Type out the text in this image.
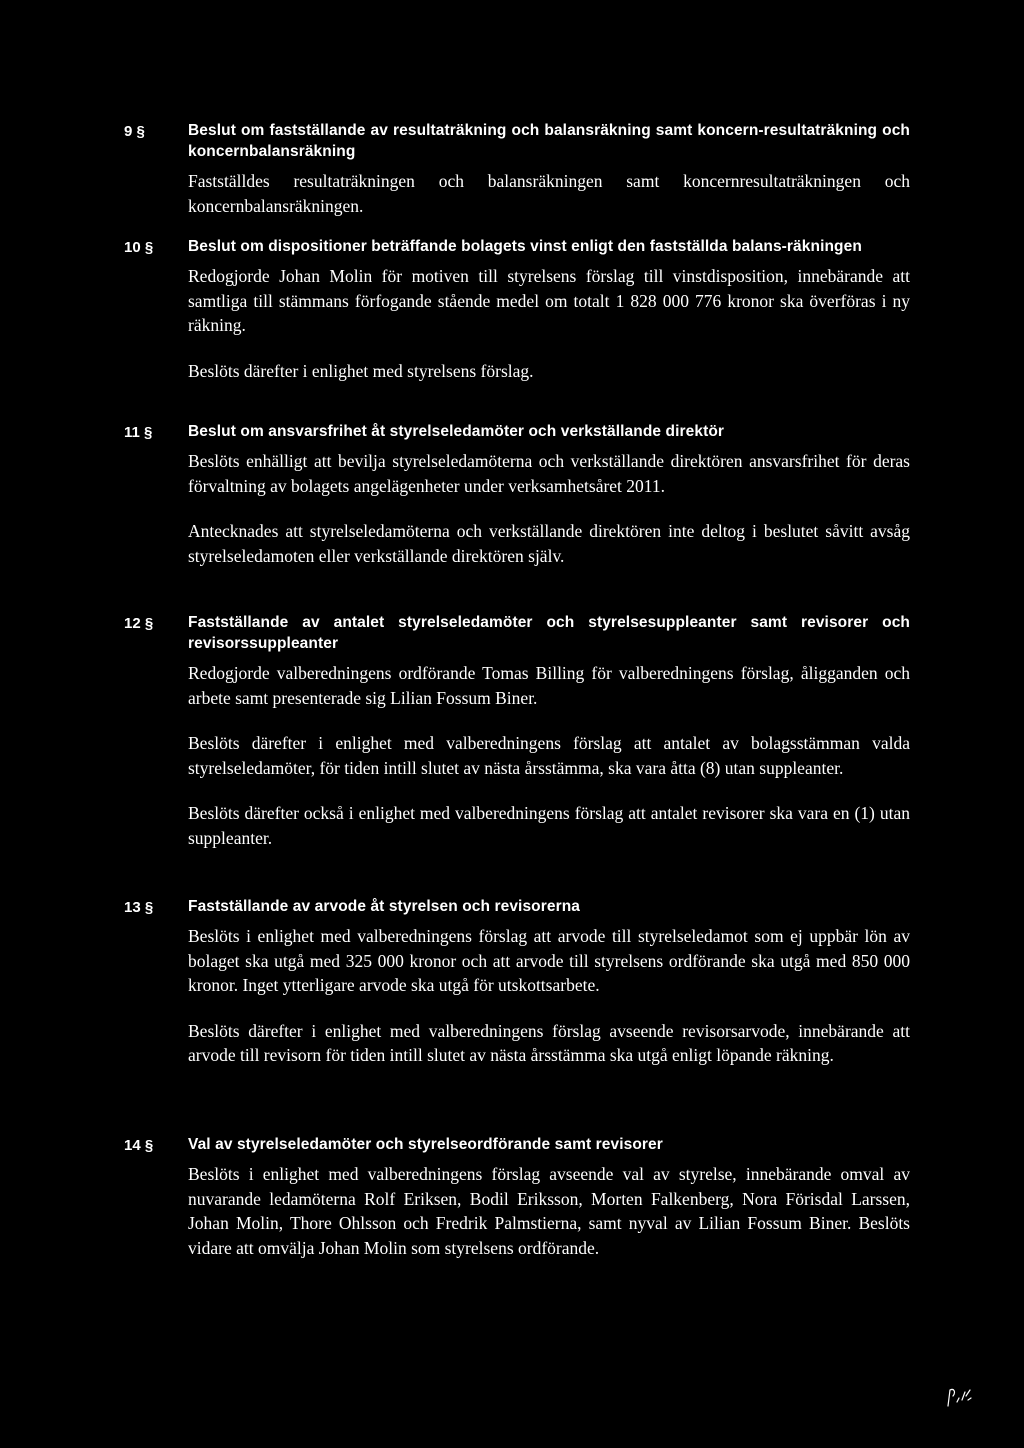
9 §	Beslut om fastställande av resultaträkning och balansräkning samt koncern-resultaträkning och koncernbalansräkning

Fastställdes resultaträkningen och balansräkningen samt koncernresultaträkningen och koncernbalansräkningen.

10 §	Beslut om dispositioner beträffande bolagets vinst enligt den fastställda balans-räkningen

Redogjorde Johan Molin för motiven till styrelsens förslag till vinstdisposition, innebärande att samtliga till stämmans förfogande stående medel om totalt 1 828 000 776 kronor ska överföras i ny räkning.

Beslöts därefter i enlighet med styrelsens förslag.

11 §	Beslut om ansvarsfrihet åt styrelseledamöter och verkställande direktör

Beslöts enhälligt att bevilja styrelseledamöterna och verkställande direktören ansvarsfrihet för deras förvaltning av bolagets angelägenheter under verksamhetsåret 2011.

Antecknades att styrelseledamöterna och verkställande direktören inte deltog i beslutet såvitt avsåg styrelseledamoten eller verkställande direktören själv.

12 §	Fastställande av antalet styrelseledamöter och styrelsesuppleanter samt revisorer och revisorssuppleanter

Redogjorde valberedningens ordförande Tomas Billing för valberedningens förslag, åligganden och arbete samt presenterade sig Lilian Fossum Biner.

Beslöts därefter i enlighet med valberedningens förslag att antalet av bolagsstämman valda styrelseledamöter, för tiden intill slutet av nästa årsstämma, ska vara åtta (8) utan suppleanter.

Beslöts därefter också i enlighet med valberedningens förslag att antalet revisorer ska vara en (1) utan suppleanter.

13 §	Fastställande av arvode åt styrelsen och revisorerna

Beslöts i enlighet med valberedningens förslag att arvode till styrelseledamot som ej uppbär lön av bolaget ska utgå med 325 000 kronor och att arvode till styrelsens ordförande ska utgå med 850 000 kronor. Inget ytterligare arvode ska utgå för utskottsarbete.

Beslöts därefter i enlighet med valberedningens förslag avseende revisorsarvode, innebärande att arvode till revisorn för tiden intill slutet av nästa årsstämma ska utgå enligt löpande räkning.

14 §	Val av styrelseledamöter och styrelseordförande samt revisorer

Beslöts i enlighet med valberedningens förslag avseende val av styrelse, innebärande omval av nuvarande ledamöterna Rolf Eriksen, Bodil Eriksson, Morten Falkenberg, Nora Förisdal Larssen, Johan Molin, Thore Ohlsson och Fredrik Palmstierna, samt nyval av Lilian Fossum Biner. Beslöts vidare att omvälja Johan Molin som styrelsens ordförande.
